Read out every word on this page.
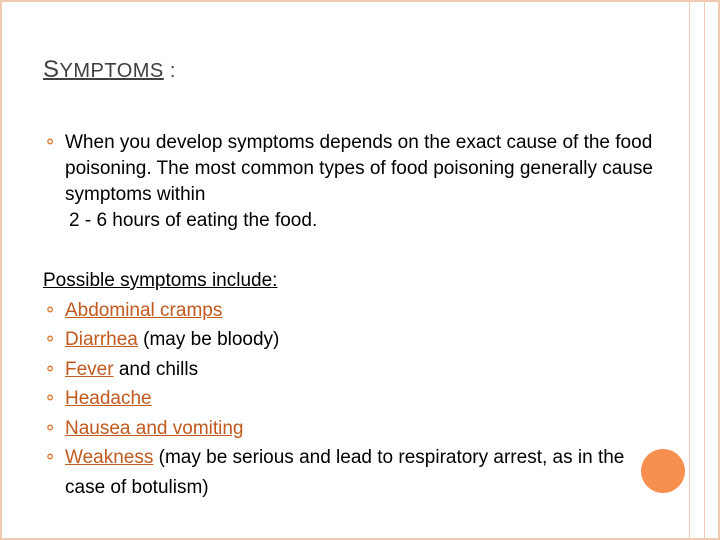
SYMPTOMS :
⚬ When you develop symptoms depends on the exact cause of the food poisoning. The most common types of food poisoning generally cause symptoms within
2 - 6 hours of eating the food.
Possible symptoms include:
⚬ Abdominal cramps
⚬ Diarrhea (may be bloody)
⚬ Fever and chills
⚬ Headache
⚬ Nausea and vomiting
⚬ Weakness (may be serious and lead to respiratory arrest, as in the case of botulism)
